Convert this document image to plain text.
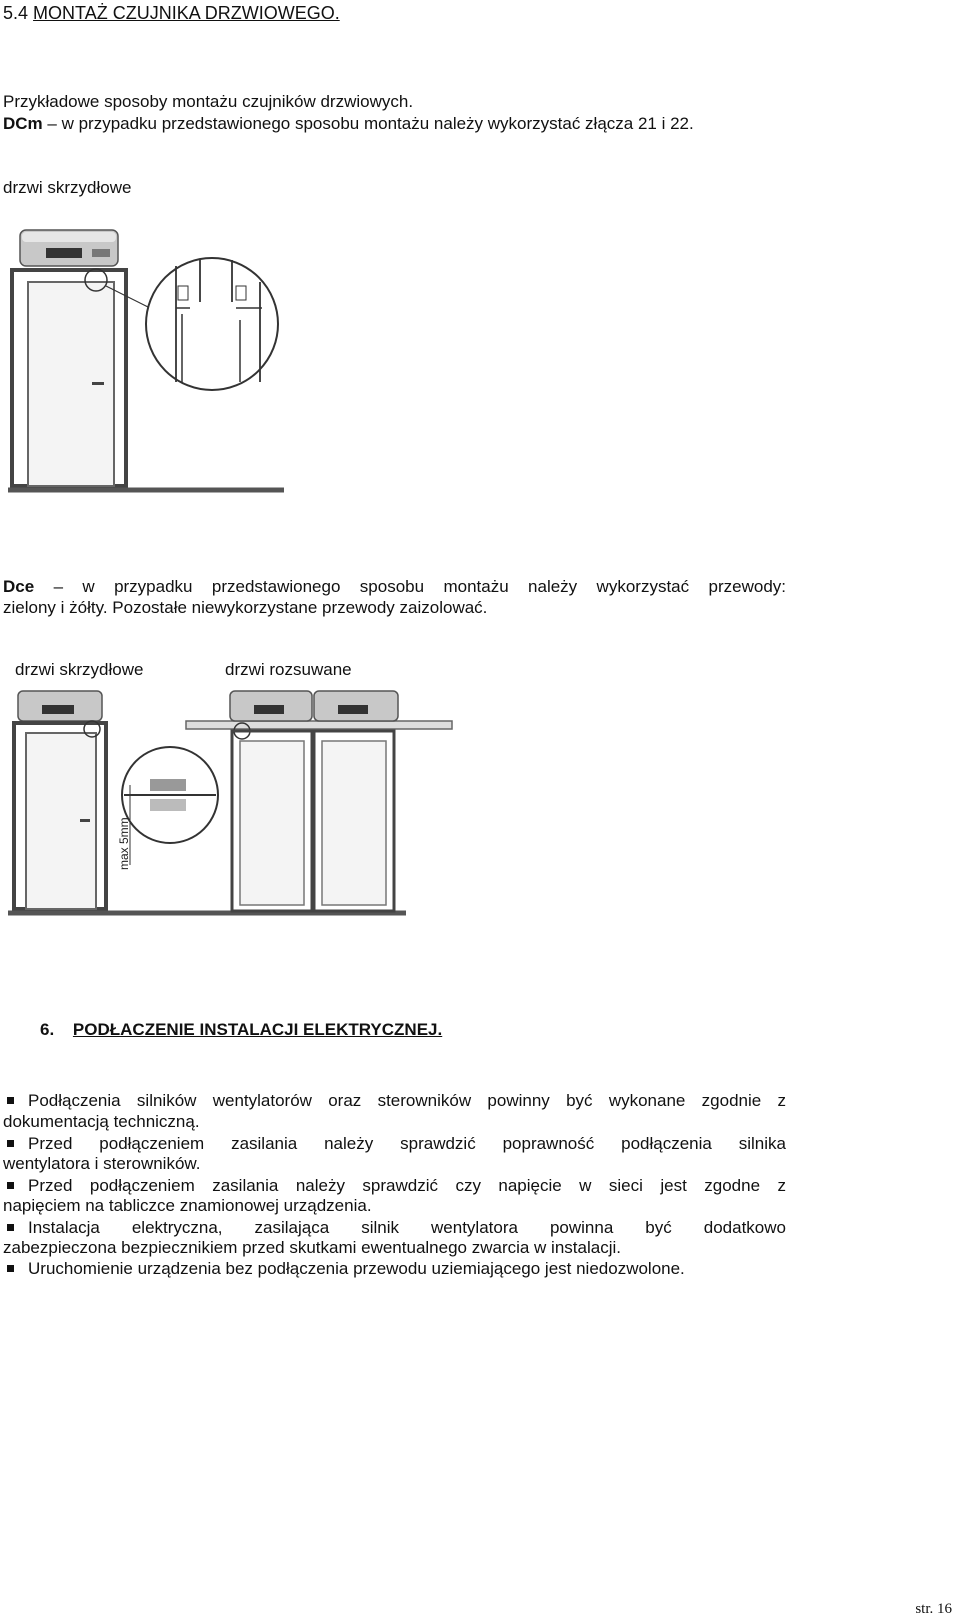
5.4 MONTAŻ CZUJNIKA DRZWIOWEGO.
Przykładowe sposoby montażu czujników drzwiowych.
DCm – w przypadku przedstawionego sposobu montażu należy wykorzystać złącza 21 i 22.
drzwi skrzydłowe
Dce – w przypadku przedstawionego sposobu montażu należy wykorzystać przewody:
zielony i żółty. Pozostałe niewykorzystane przewody zaizolować.
drzwi skrzydłowe	drzwi rozsuwane
max 5mm
6. PODŁACZENIE INSTALACJI ELEKTRYCZNEJ.
Podłączenia silników wentylatorów oraz sterowników powinny być wykonane zgodnie z
dokumentacją techniczną.
Przed podłączeniem zasilania należy sprawdzić poprawność podłączenia silnika
wentylatora i sterowników.
Przed podłączeniem zasilania należy sprawdzić czy napięcie w sieci jest zgodne z
napięciem na tabliczce znamionowej urządzenia.
Instalacja elektryczna, zasilająca silnik wentylatora powinna być dodatkowo
zabezpieczona bezpiecznikiem przed skutkami ewentualnego zwarcia w instalacji.
Uruchomienie urządzenia bez podłączenia przewodu uziemiającego jest niedozwolone.
str. 16
